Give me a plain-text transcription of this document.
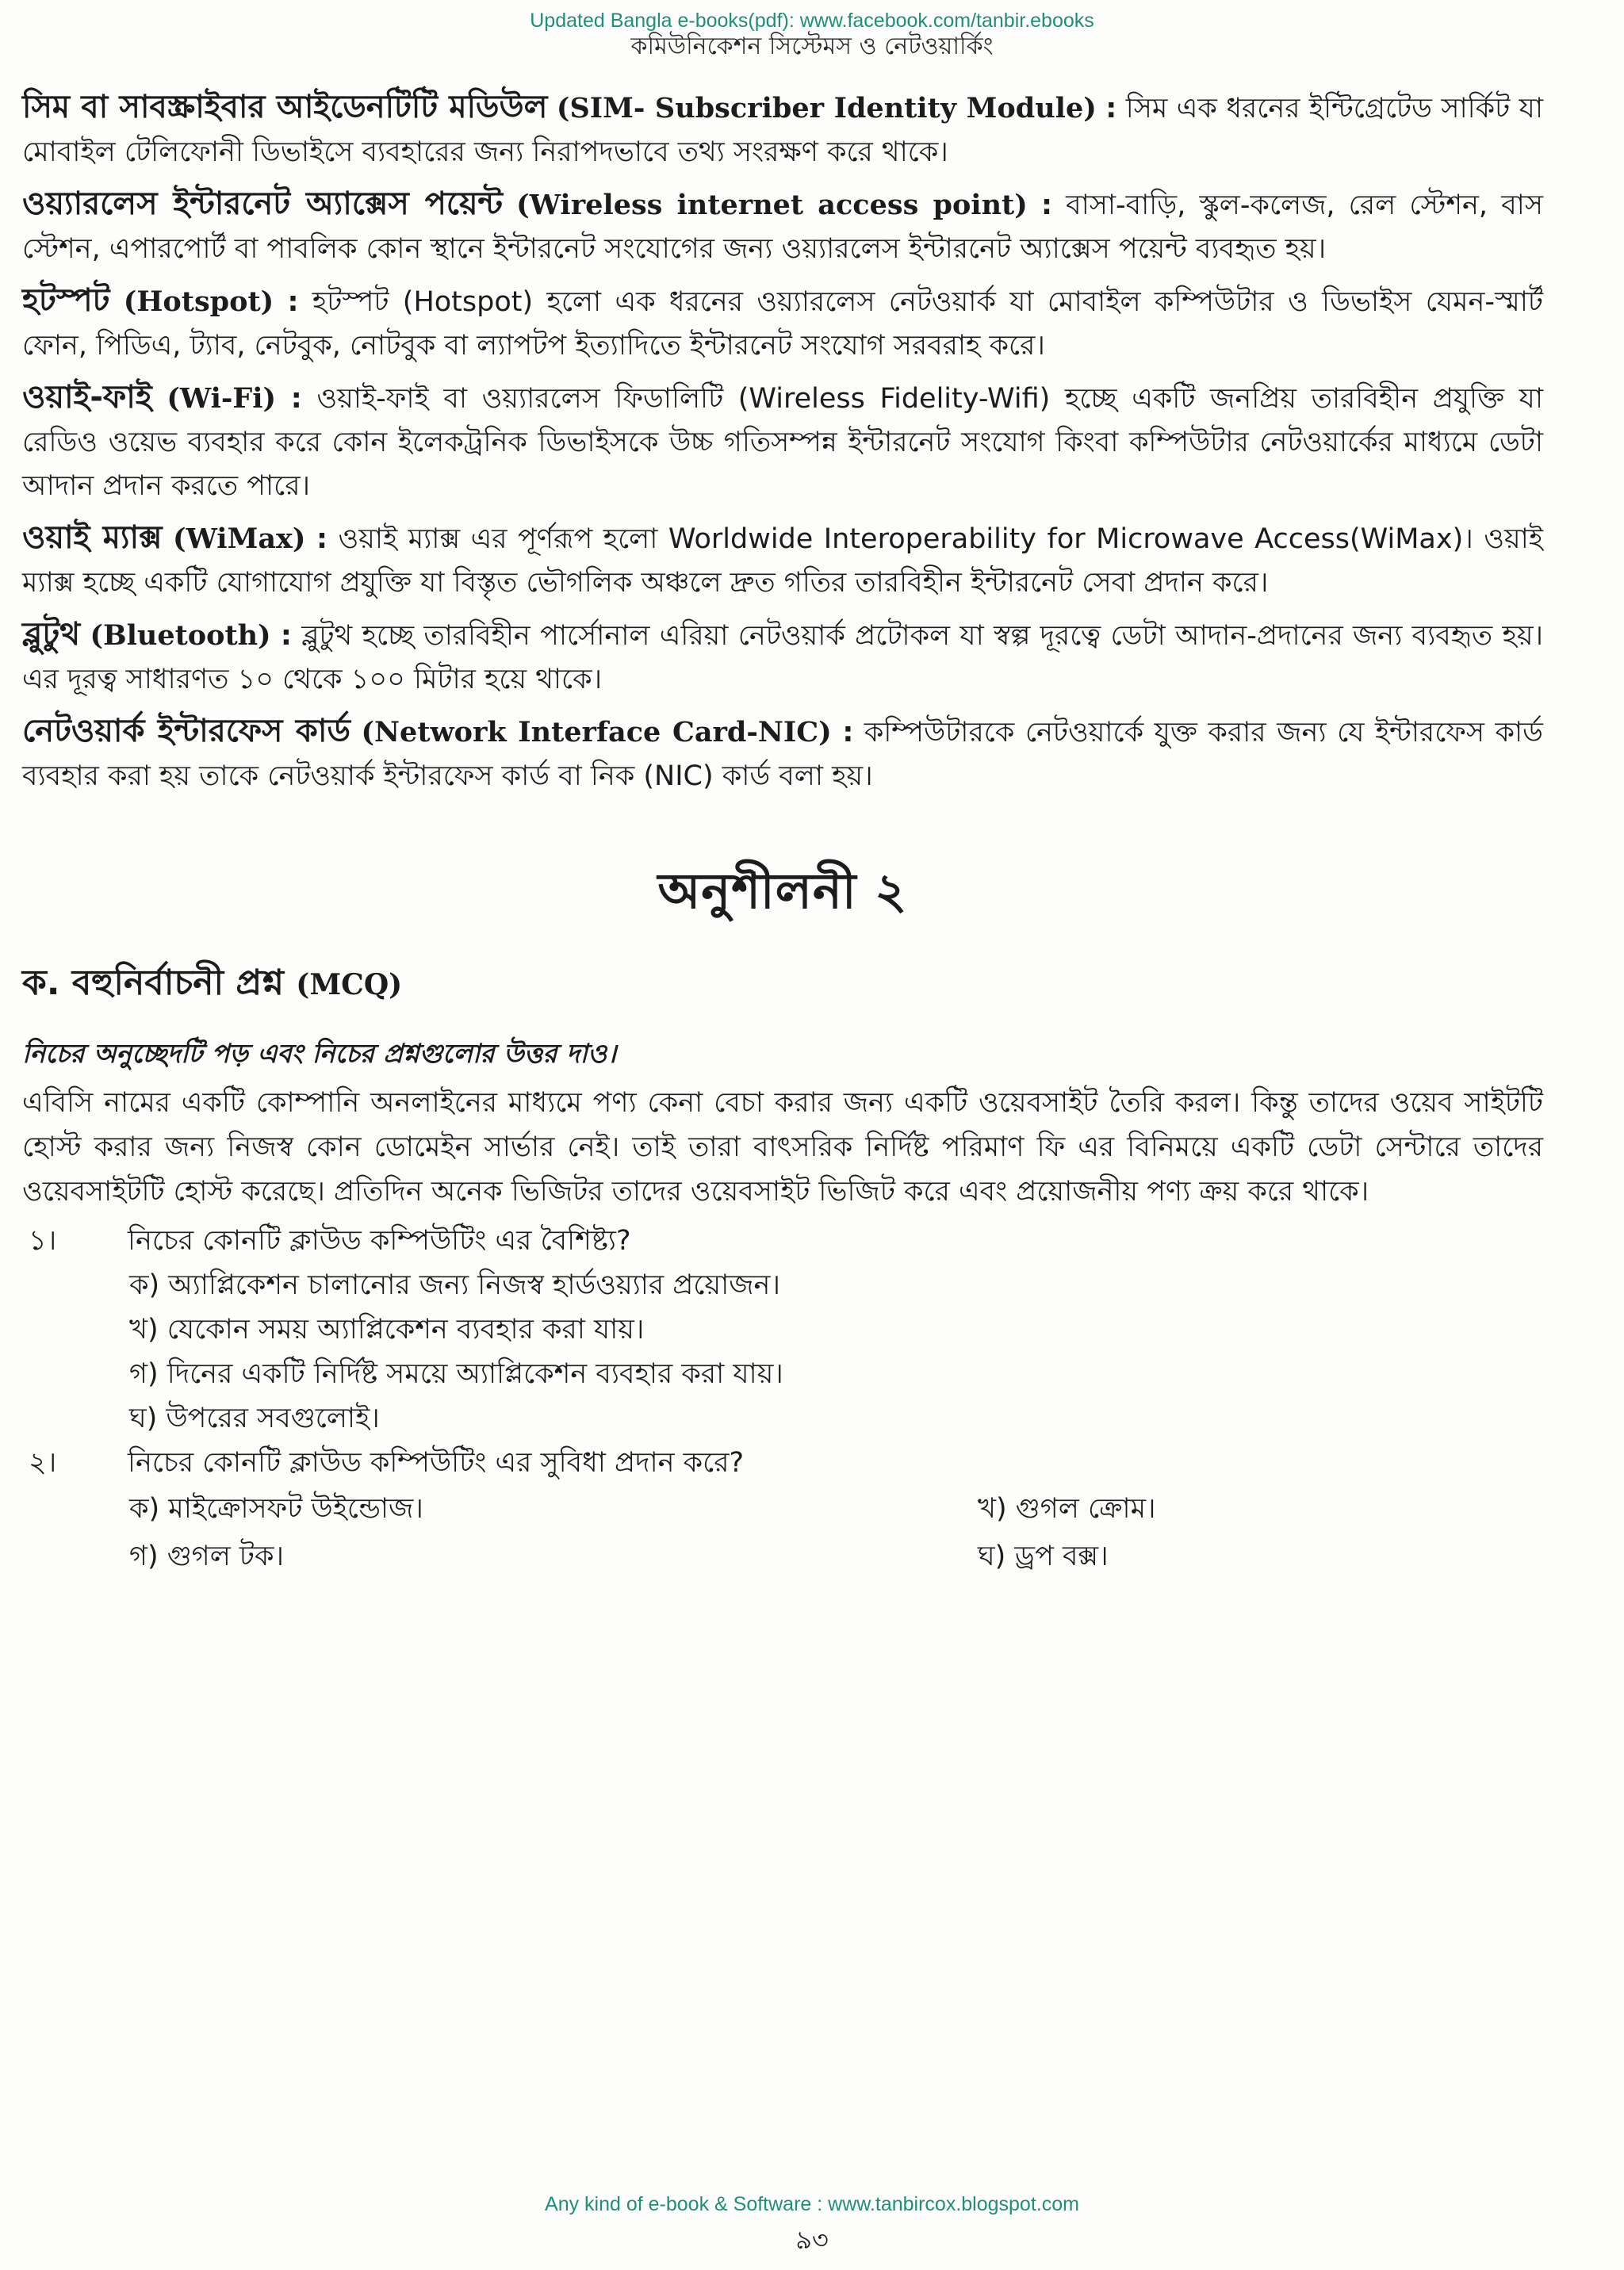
Updated Bangla e-books(pdf): www.facebook.com/tanbir.ebooks
কমিউনিকেশন সিস্টেমস ও নেটওয়ার্কিং

সিম বা সাবস্ক্রাইবার আইডেনটিটি মডিউল (SIM- Subscriber Identity Module) : সিম এক ধরনের ইন্টিগ্রেটেড সার্কিট যা মোবাইল টেলিফোনী ডিভাইসে ব্যবহারের জন্য নিরাপদভাবে তথ্য সংরক্ষণ করে থাকে।

ওয়্যারলেস ইন্টারনেট অ্যাক্সেস পয়েন্ট (Wireless internet access point) : বাসা-বাড়ি, স্কুল-কলেজ, রেল স্টেশন, বাস স্টেশন, এপারপোর্ট বা পাবলিক কোন স্থানে ইন্টারনেট সংযোগের জন্য ওয়্যারলেস ইন্টারনেট অ্যাক্সেস পয়েন্ট ব্যবহৃত হয়।

হটস্পট (Hotspot) : হটস্পট (Hotspot) হলো এক ধরনের ওয়্যারলেস নেটওয়ার্ক যা মোবাইল কম্পিউটার ও ডিভাইস যেমন-স্মার্ট ফোন, পিডিএ, ট্যাব, নেটবুক, নোটবুক বা ল্যাপটপ ইত্যাদিতে ইন্টারনেট সংযোগ সরবরাহ করে।

ওয়াই-ফাই (Wi-Fi) : ওয়াই-ফাই বা ওয়্যারলেস ফিডালিটি (Wireless Fidelity-Wifi) হচ্ছে একটি জনপ্রিয় তারবিহীন প্রযুক্তি যা রেডিও ওয়েভ ব্যবহার করে কোন ইলেকট্রনিক ডিভাইসকে উচ্চ গতিসম্পন্ন ইন্টারনেট সংযোগ কিংবা কম্পিউটার নেটওয়ার্কের মাধ্যমে ডেটা আদান প্রদান করতে পারে।

ওয়াই ম্যাক্স (WiMax) : ওয়াই ম্যাক্স এর পূর্ণরূপ হলো Worldwide Interoperability for Microwave Access(WiMax)। ওয়াই ম্যাক্স হচ্ছে একটি যোগাযোগ প্রযুক্তি যা বিস্তৃত ভৌগলিক অঞ্চলে দ্রুত গতির তারবিহীন ইন্টারনেট সেবা প্রদান করে।

ব্লুটুথ (Bluetooth) : ব্লুটুথ হচ্ছে তারবিহীন পার্সোনাল এরিয়া নেটওয়ার্ক প্রটোকল যা স্বল্প দূরত্বে ডেটা আদান-প্রদানের জন্য ব্যবহৃত হয়। এর দূরত্ব সাধারণত ১০ থেকে ১০০ মিটার হয়ে থাকে।

নেটওয়ার্ক ইন্টারফেস কার্ড (Network Interface Card-NIC) : কম্পিউটারকে নেটওয়ার্কে যুক্ত করার জন্য যে ইন্টারফেস কার্ড ব্যবহার করা হয় তাকে নেটওয়ার্ক ইন্টারফেস কার্ড বা নিক (NIC) কার্ড বলা হয়।

অনুশীলনী ২
ক. বহুনির্বাচনী প্রশ্ন (MCQ)
নিচের অনুচ্ছেদটি পড় এবং নিচের প্রশ্নগুলোর উত্তর দাও।
এবিসি নামের একটি কোম্পানি অনলাইনের মাধ্যমে পণ্য কেনা বেচা করার জন্য একটি ওয়েবসাইট তৈরি করল। কিন্তু তাদের ওয়েব সাইটটি হোস্ট করার জন্য নিজস্ব কোন ডোমেইন সার্ভার নেই। তাই তারা বাৎসরিক নির্দিষ্ট পরিমাণ ফি এর বিনিময়ে একটি ডেটা সেন্টারে তাদের ওয়েবসাইটটি হোস্ট করেছে। প্রতিদিন অনেক ভিজিটর তাদের ওয়েবসাইট ভিজিট করে এবং প্রয়োজনীয় পণ্য ক্রয় করে থাকে।
১।	নিচের কোনটি ক্লাউড কম্পিউটিং এর বৈশিষ্ট্য?
ক) অ্যাপ্লিকেশন চালানোর জন্য নিজস্ব হার্ডওয়্যার প্রয়োজন।
খ) যেকোন সময় অ্যাপ্লিকেশন ব্যবহার করা যায়।
গ) দিনের একটি নির্দিষ্ট সময়ে অ্যাপ্লিকেশন ব্যবহার করা যায়।
ঘ) উপরের সবগুলোই।
২।	নিচের কোনটি ক্লাউড কম্পিউটিং এর সুবিধা প্রদান করে?
ক) মাইক্রোসফট উইন্ডোজ।	খ) গুগল ক্রোম।
গ) গুগল টক।	ঘ) ড্রপ বক্স।
Any kind of e-book & Software : www.tanbircox.blogspot.com
৯৩
